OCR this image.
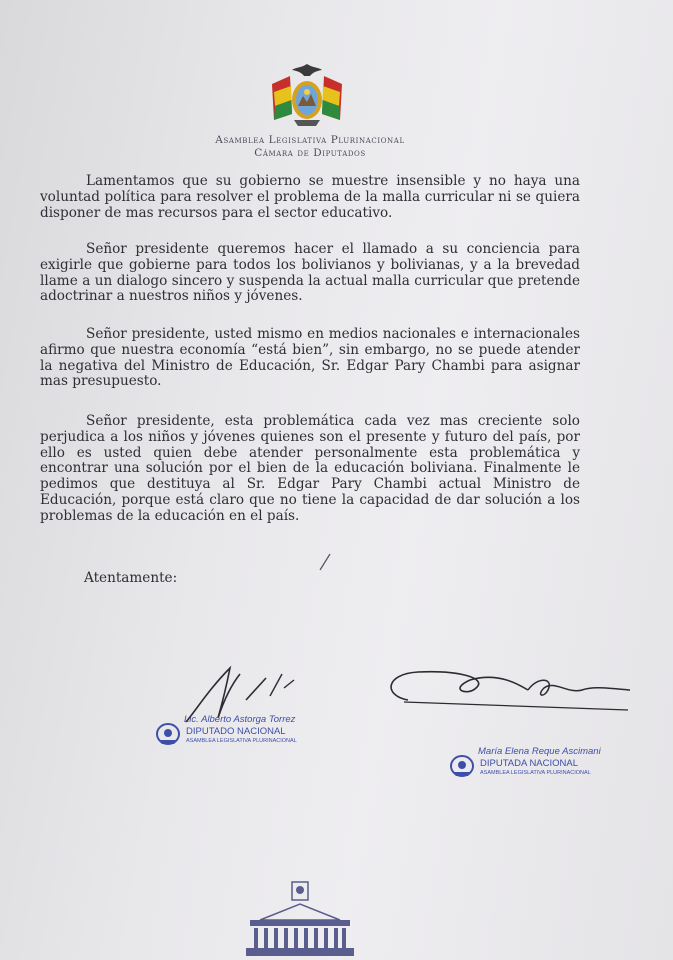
Asamblea Legislativa Plurinacional
Cámara de Diputados
Lamentamos que su gobierno se muestre insensible y no haya una voluntad política para resolver el problema de la malla curricular ni se quiera disponer de mas recursos para el sector educativo.
Señor presidente queremos hacer el llamado a su conciencia para exigirle que gobierne para todos los bolivianos y bolivianas, y a la brevedad llame a un dialogo sincero y suspenda la actual malla curricular que pretende adoctrinar a nuestros niños y jóvenes.
Señor presidente, usted mismo en medios nacionales e internacionales afirmo que nuestra economía “está bien”, sin embargo, no se puede atender la negativa del Ministro de Educación, Sr. Edgar Pary Chambi para asignar mas presupuesto.
Señor presidente, esta problemática cada vez mas creciente solo perjudica a los niños y jóvenes quienes son el presente y futuro del país, por ello es usted quien debe atender personalmente esta problemática y encontrar una solución por el bien de la educación boliviana. Finalmente le pedimos que destituya al Sr. Edgar Pary Chambi actual Ministro de Educación, porque está claro que no tiene la capacidad de dar solución a los problemas de la educación en el país.
Atentamente:
Lic. Alberto Astorga Torrez
DIPUTADO NACIONAL
ASAMBLEA LEGISLATIVA PLURINACIONAL
María Elena Reque Ascimani
DIPUTADA NACIONAL
ASAMBLEA LEGISLATIVA PLURINACIONAL
